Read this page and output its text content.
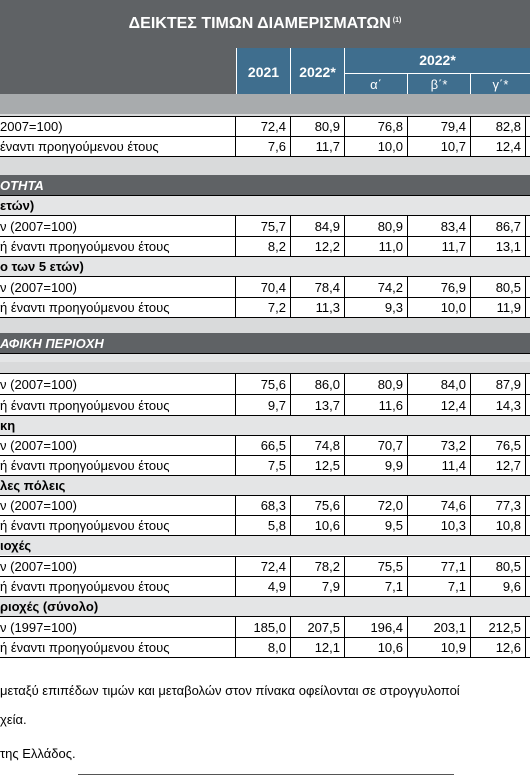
ΔΕΙΚΤΕΣ ΤΙΜΩΝ ΔΙΑΜΕΡΙΣΜΑΤΩΝ $^{(1)}$
2021	2022*
2022*
α΄	β΄*	γ΄*
2007=100)	72,4	80,9	76,8	79,4	82,8
έναντι προηγούμενου έτους	7,6	11,7	10,0	10,7	12,4
ΟΤΗΤΑ
ετών)
ν (2007=100)	75,7	84,9	80,9	83,4	86,7
ή έναντι προηγούμενου έτους	8,2	12,2	11,0	11,7	13,1
ο των 5 ετών)
ν (2007=100)	70,4	78,4	74,2	76,9	80,5
ή έναντι προηγούμενου έτους	7,2	11,3	9,3	10,0	11,9
ΑΦΙΚΗ ΠΕΡΙΟΧΗ
ν (2007=100)	75,6	86,0	80,9	84,0	87,9
ή έναντι προηγούμενου έτους	9,7	13,7	11,6	12,4	14,3
κη
ν (2007=100)	66,5	74,8	70,7	73,2	76,5
ή έναντι προηγούμενου έτους	7,5	12,5	9,9	11,4	12,7
λες πόλεις
ν (2007=100)	68,3	75,6	72,0	74,6	77,3
ή έναντι προηγούμενου έτους	5,8	10,6	9,5	10,3	10,8
ιοχές
ν (2007=100)	72,4	78,2	75,5	77,1	80,5
ή έναντι προηγούμενου έτους	4,9	7,9	7,1	7,1	9,6
ριοχές (σύνολο)
ν (1997=100)	185,0	207,5	196,4	203,1	212,5
ή έναντι προηγούμενου έτους	8,0	12,1	10,6	10,9	12,6
μεταξύ επιπέδων τιμών και μεταβολών στον πίνακα οφείλονται σε στρογγυλοποί
χεία.
της Ελλάδος.
